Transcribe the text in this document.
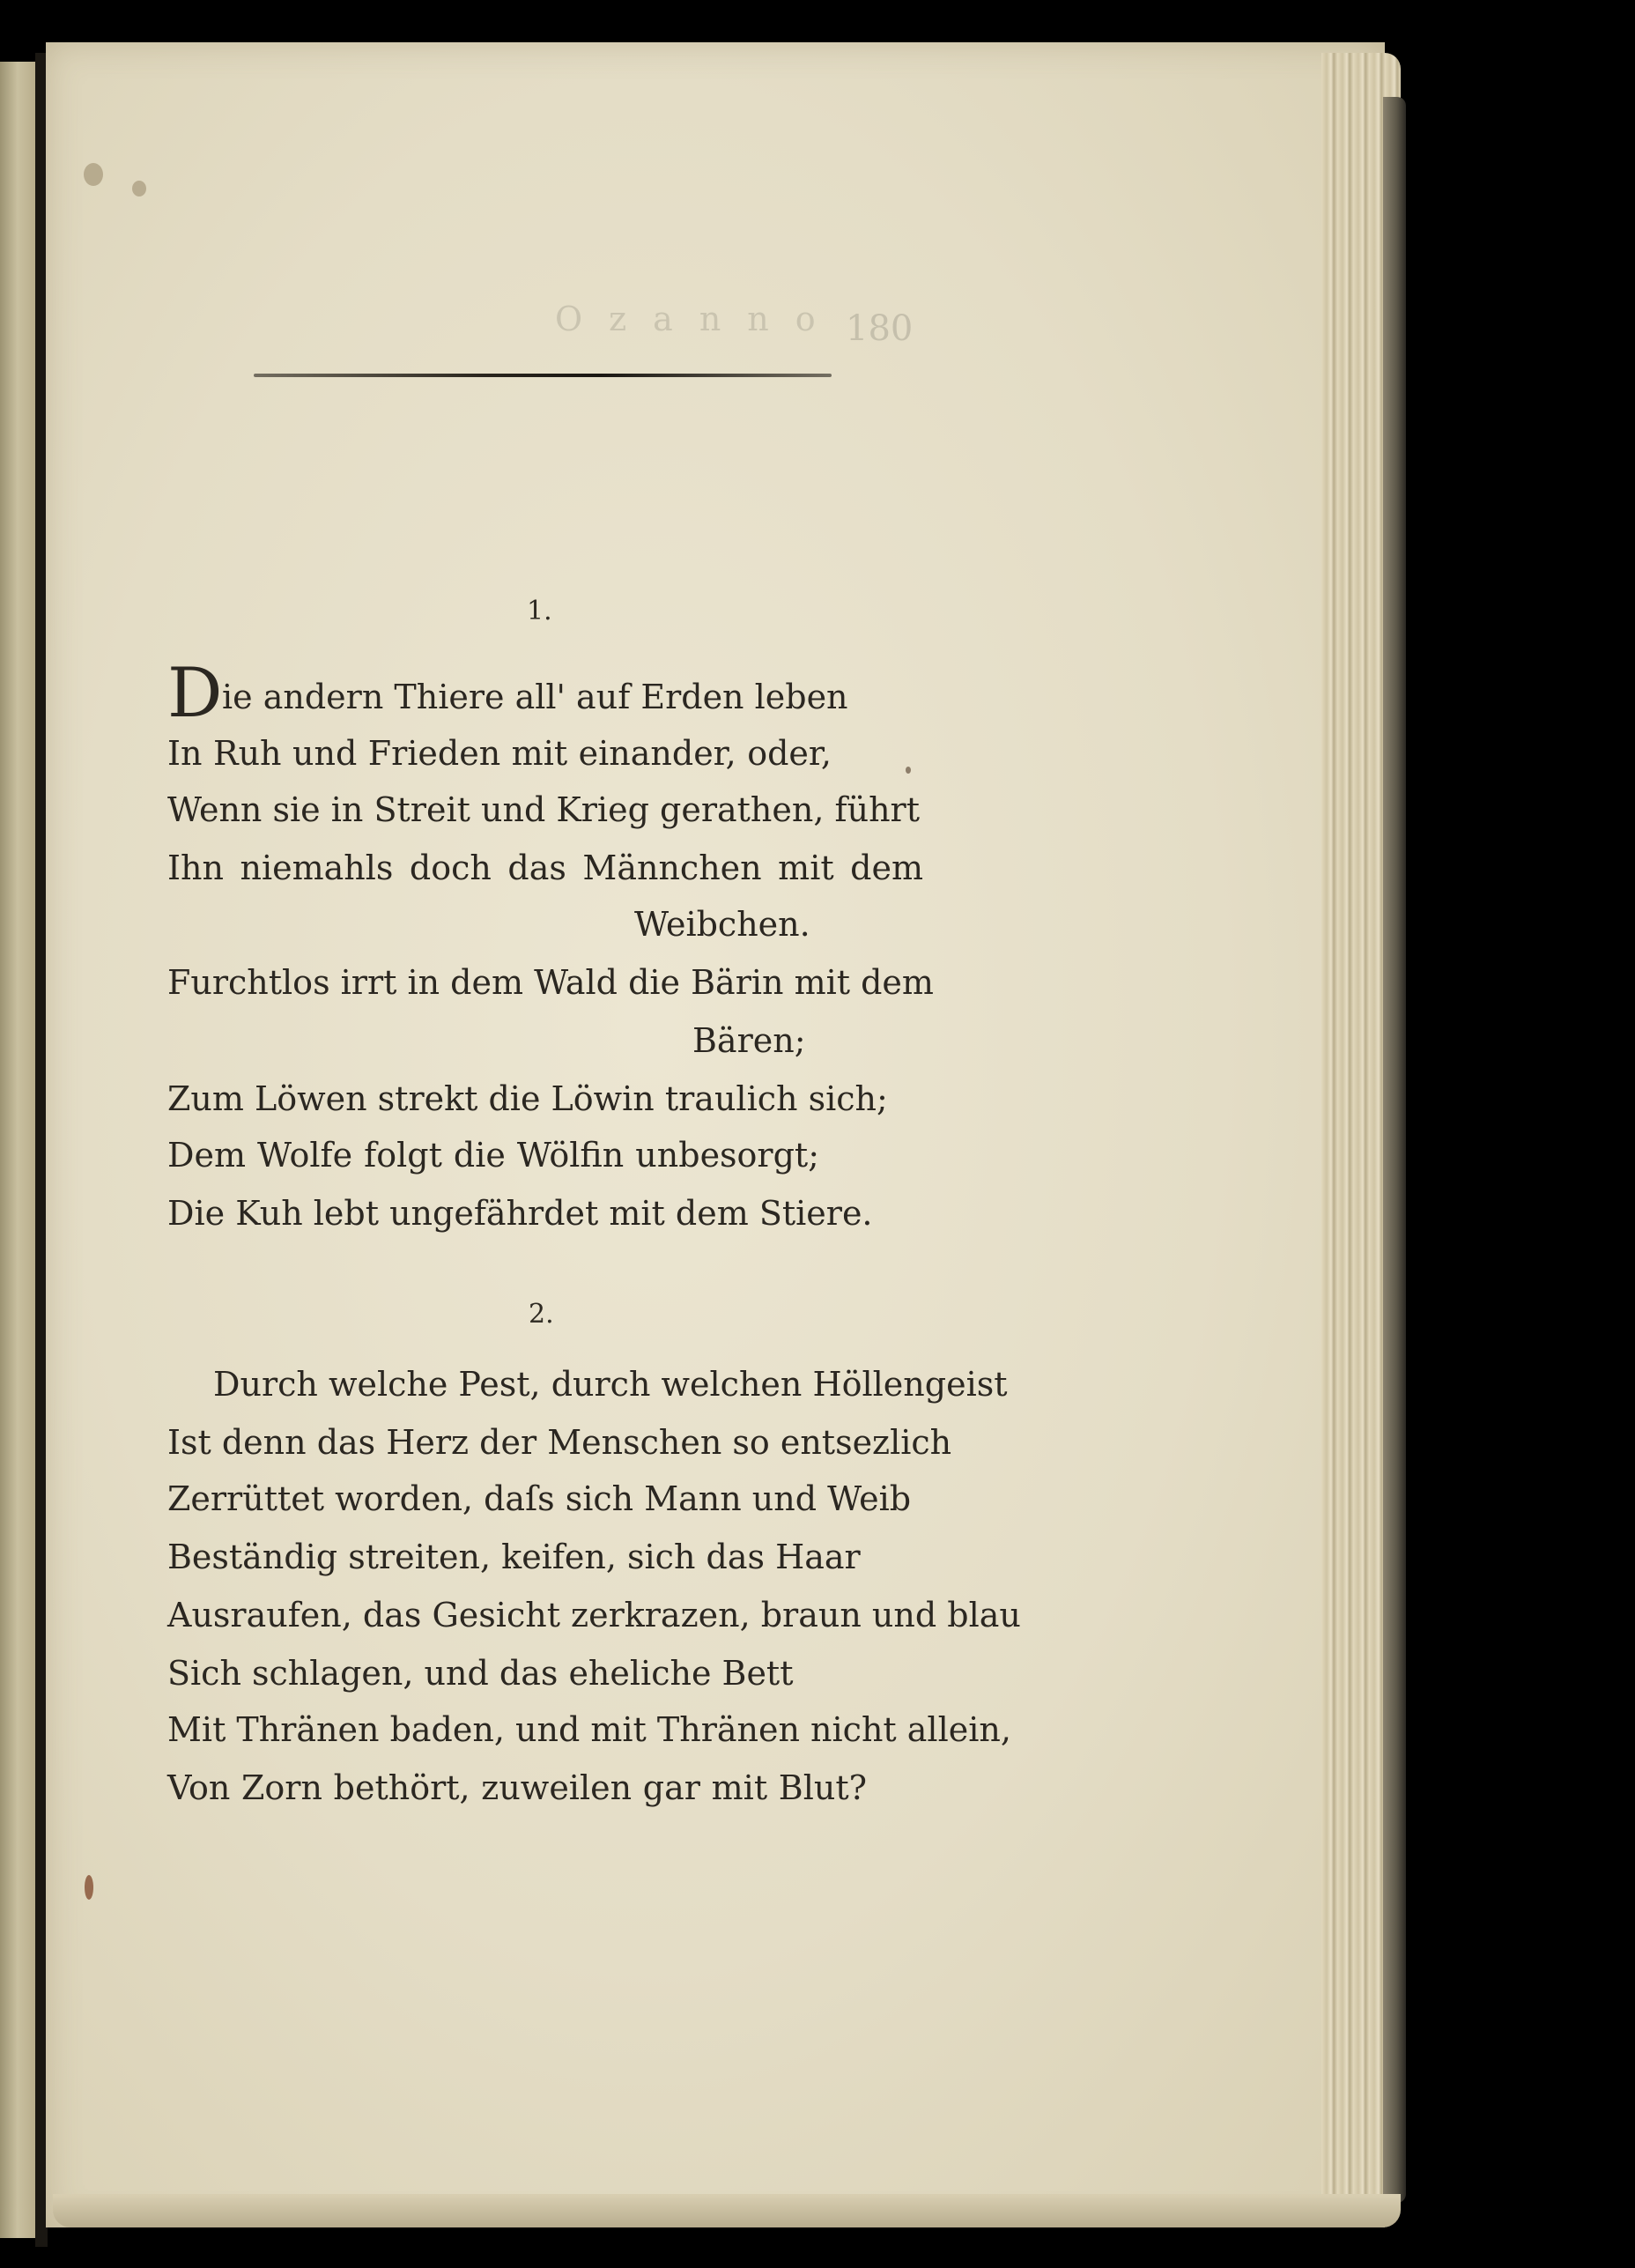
Ozanno 180
1.
D ie andern Thiere all' auf Erden leben
In Ruh und Frieden mit einander, oder,
Wenn sie in Streit und Krieg gerathen, führt
Ihn niemahls doch das Männchen mit dem
Weibchen.
Furchtlos irrt in dem Wald die Bärin mit dem
Bären;
Zum Löwen strekt die Löwin traulich sich;
Dem Wolfe folgt die Wölfin unbesorgt;
Die Kuh lebt ungefährdet mit dem Stiere.
2.
Durch welche Pest, durch welchen Höllengeist
Ist denn das Herz der Menschen so entsezlich
Zerrüttet worden, daſs sich Mann und Weib
Beständig streiten, keifen, sich das Haar
Ausraufen, das Gesicht zerkrazen, braun und blau
Sich schlagen, und das eheliche Bett
Mit Thränen baden, und mit Thränen nicht allein,
Von Zorn bethört, zuweilen gar mit Blut?
